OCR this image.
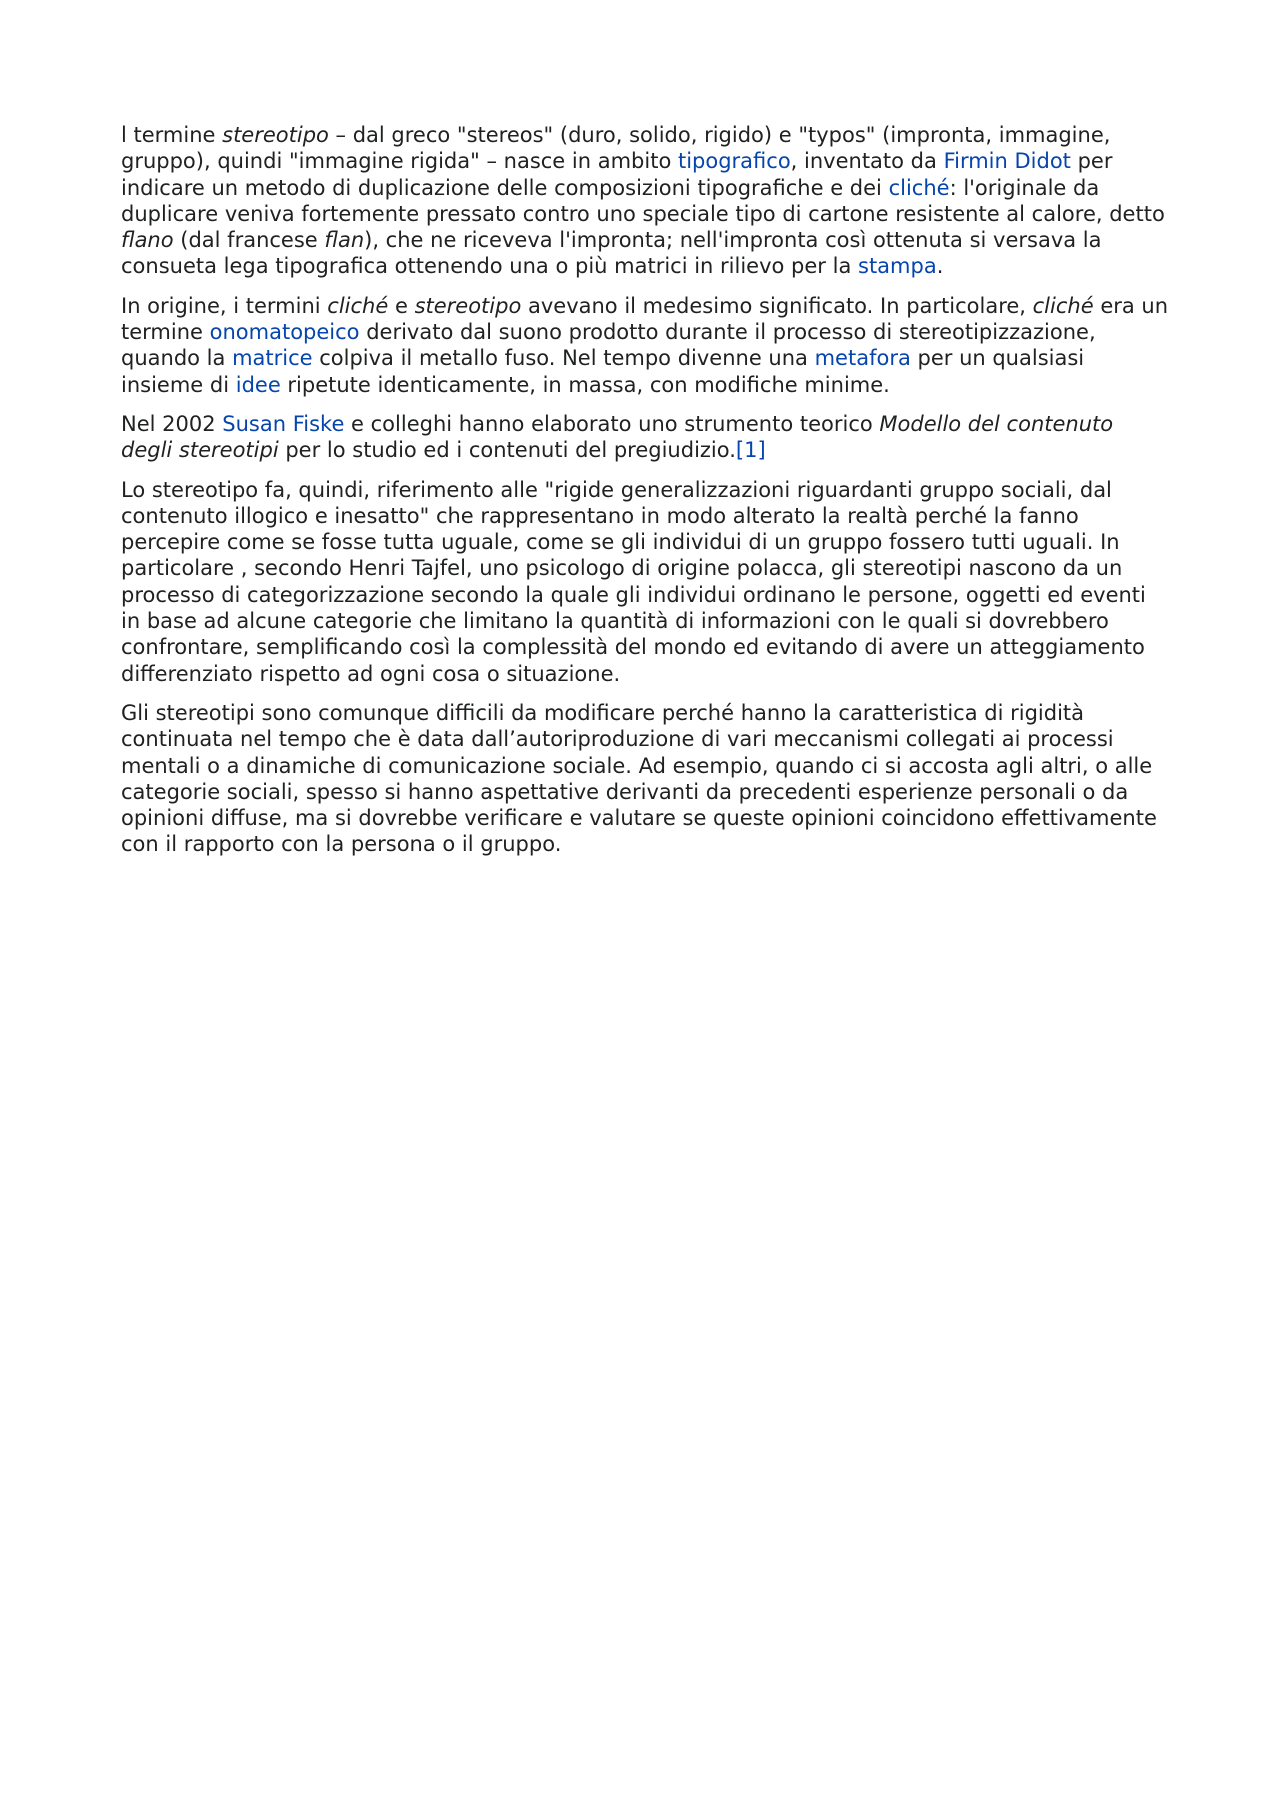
l termine stereotipo – dal greco "stereos" (duro, solido, rigido) e "typos" (impronta, immagine, gruppo), quindi "immagine rigida" – nasce in ambito tipografico, inventato da Firmin Didot per indicare un metodo di duplicazione delle composizioni tipografiche e dei cliché: l'originale da duplicare veniva fortemente pressato contro uno speciale tipo di cartone resistente al calore, detto flano (dal francese flan), che ne riceveva l'impronta; nell'impronta così ottenuta si versava la consueta lega tipografica ottenendo una o più matrici in rilievo per la stampa.

In origine, i termini cliché e stereotipo avevano il medesimo significato. In particolare, cliché era un termine onomatopeico derivato dal suono prodotto durante il processo di stereotipizzazione, quando la matrice colpiva il metallo fuso. Nel tempo divenne una metafora per un qualsiasi insieme di idee ripetute identicamente, in massa, con modifiche minime.

Nel 2002 Susan Fiske e colleghi hanno elaborato uno strumento teorico Modello del contenuto degli stereotipi per lo studio ed i contenuti del pregiudizio.[1]

Lo stereotipo fa, quindi, riferimento alle "rigide generalizzazioni riguardanti gruppo sociali, dal contenuto illogico e inesatto" che rappresentano in modo alterato la realtà perché la fanno percepire come se fosse tutta uguale, come se gli individui di un gruppo fossero tutti uguali. In particolare , secondo Henri Tajfel, uno psicologo di origine polacca, gli stereotipi nascono da un processo di categorizzazione secondo la quale gli individui ordinano le persone, oggetti ed eventi in base ad alcune categorie che limitano la quantità di informazioni con le quali si dovrebbero confrontare, semplificando così la complessità del mondo ed evitando di avere un atteggiamento differenziato rispetto ad ogni cosa o situazione.

Gli stereotipi sono comunque difficili da modificare perché hanno la caratteristica di rigidità continuata nel tempo che è data dall’autoriproduzione di vari meccanismi collegati ai processi mentali o a dinamiche di comunicazione sociale. Ad esempio, quando ci si accosta agli altri, o alle categorie sociali, spesso si hanno aspettative derivanti da precedenti esperienze personali o da opinioni diffuse, ma si dovrebbe verificare e valutare se queste opinioni coincidono effettivamente con il rapporto con la persona o il gruppo.
